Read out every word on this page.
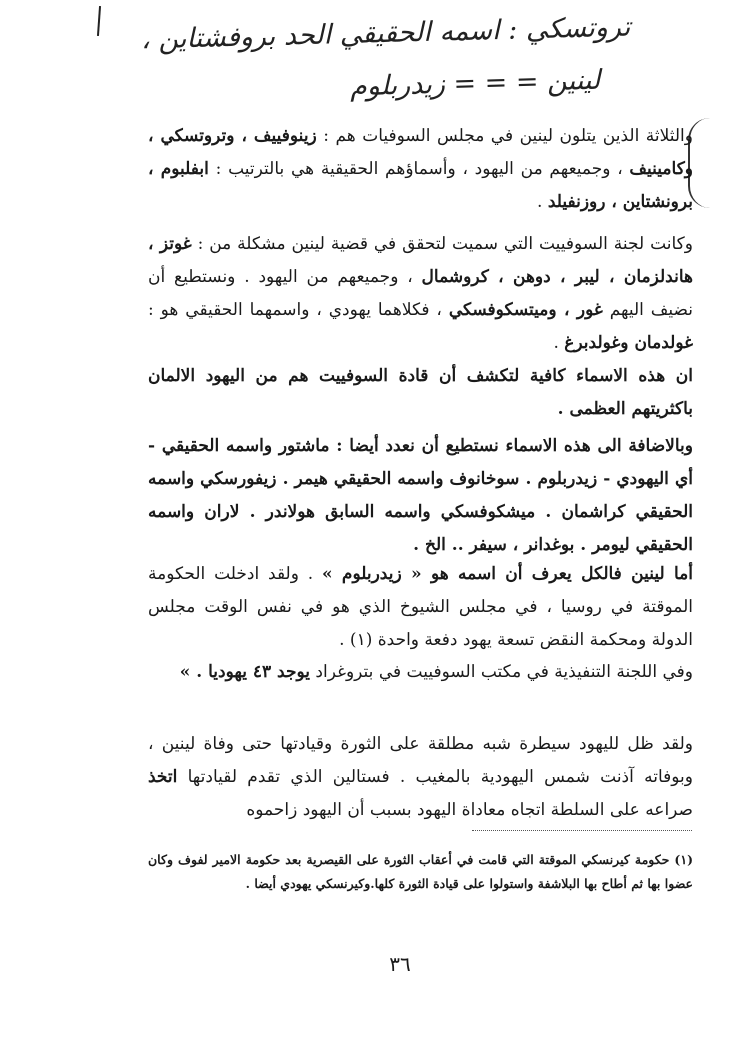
تروتسكي : اسمه الحقيقي الحد بروفشتاين ،
لينين = = = زيدربلوم

والثلاثة الذين يتلون لينين في مجلس السوفيات هم : زينوفييف ، وتروتسكي ، وكامينيف ، وجميعهم من اليهود ، وأسماؤهم الحقيقية هي بالترتيب : ابفلبوم ، برونشتاين ، روزنفيلد .

وكانت لجنة السوفييت التي سميت لتحقق في قضية لينين مشكلة من : غوتز ، هاندلزمان ، ليبر ، دوهن ، كروشمال ، وجميعهم من اليهود . ونستطيع أن نضيف اليهم غور ، وميتسكوفسكي ، فكلاهما يهودي ، واسمهما الحقيقي هو : غولدمان وغولدبرغ .

ان هذه الاسماء كافية لتكشف أن قادة السوفييت هم من اليهود الالمان باكثريتهم العظمى .

وبالاضافة الى هذه الاسماء نستطيع أن نعدد أيضا : ماشتور واسمه الحقيقي - أي اليهودي - زيدربلوم . سوخانوف واسمه الحقيقي هيمر . زيفورسكي واسمه الحقيقي كراشمان . ميشكوفسكي واسمه السابق هولاندر . لاران واسمه الحقيقي ليومر . بوغدانر ، سيفر .. الخ .

أما لينين فالكل يعرف أن اسمه هو « زيدربلوم » . ولقد ادخلت الحكومة الموقتة في روسيا ، في مجلس الشيوخ الذي هو في نفس الوقت مجلس الدولة ومحكمة النقض تسعة يهود دفعة واحدة (١) .

وفي اللجنة التنفيذية في مكتب السوفييت في بتروغراد يوجد ٤٣ يهوديا . »

ولقد ظل لليهود سيطرة شبه مطلقة على الثورة وقيادتها حتى وفاة لينين ، وبوفاته آذنت شمس اليهودية بالمغيب . فستالين الذي تقدم لقيادتها اتخذ صراعه على السلطة اتجاه معاداة اليهود بسبب أن اليهود زاحموه

(١) حكومة كيرنسكي الموقتة التي قامت في أعقاب الثورة على القيصرية بعد حكومة الامير لفوف وكان عضوا بها ثم أطاح بها البلاشفة واستولوا على قيادة الثورة كلها.وكيرنسكي يهودي أيضا .

٣٦
